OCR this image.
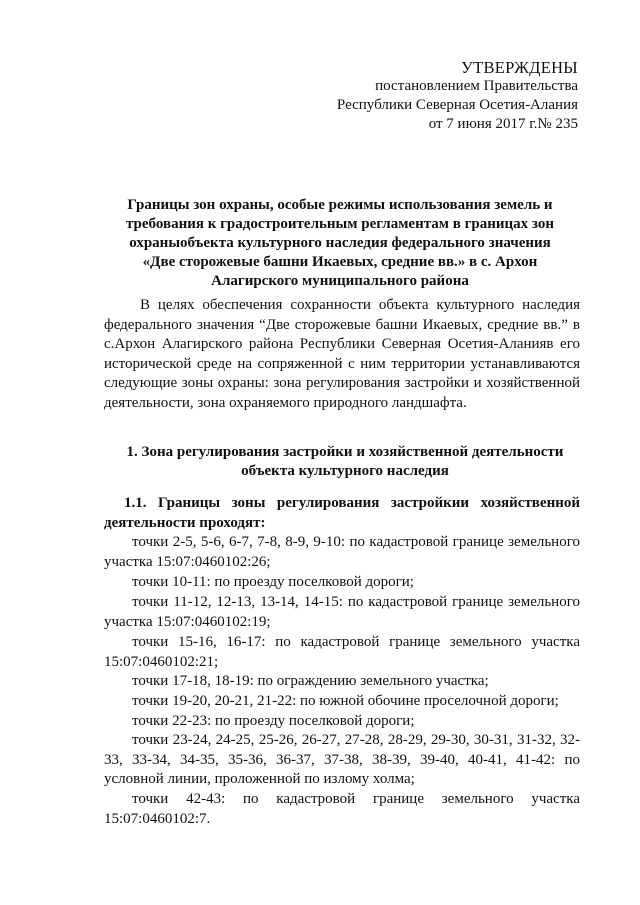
УТВЕРЖДЕНЫ
постановлением Правительства
Республики Северная Осетия-Алания
от 7 июня 2017 г.№ 235
Границы зон охраны, особые режимы использования земель и
требования к градостроительным регламентам в границах зон
охраныобъекта культурного наследия федерального значения
«Две сторожевые башни Икаевых, средние вв.» в с. Архон
Алагирского муниципального района
В целях обеспечения сохранности объекта культурного наследия федерального значения “Две сторожевые башни Икаевых, средние вв.” в с.Архон Алагирского района Республики Северная Осетия-Аланияв его исторической среде на сопряженной с ним территории устанавливаются следующие зоны охраны: зона регулирования застройки и хозяйственной деятельности, зона охраняемого природного ландшафта.
1. Зона регулирования застройки и хозяйственной деятельности
объекта культурного наследия
1.1. Границы зоны регулирования застройкии хозяйственной деятельности проходят:
точки 2-5, 5-6, 6-7, 7-8, 8-9, 9-10: по кадастровой границе земельного участка 15:07:0460102:26;
точки 10-11: по проезду поселковой дороги;
точки 11-12, 12-13, 13-14, 14-15: по кадастровой границе земельного участка 15:07:0460102:19;
точки 15-16, 16-17: по кадастровой границе земельного участка 15:07:0460102:21;
точки 17-18, 18-19: по ограждению земельного участка;
точки 19-20, 20-21, 21-22: по южной обочине проселочной дороги;
точки 22-23: по проезду поселковой дороги;
точки 23-24, 24-25, 25-26, 26-27, 27-28, 28-29, 29-30, 30-31, 31-32, 32-33, 33-34, 34-35, 35-36, 36-37, 37-38, 38-39, 39-40, 40-41, 41-42: по условной линии, проложенной по излому холма;
точки 42-43: по кадастровой границе земельного участка 15:07:0460102:7.
